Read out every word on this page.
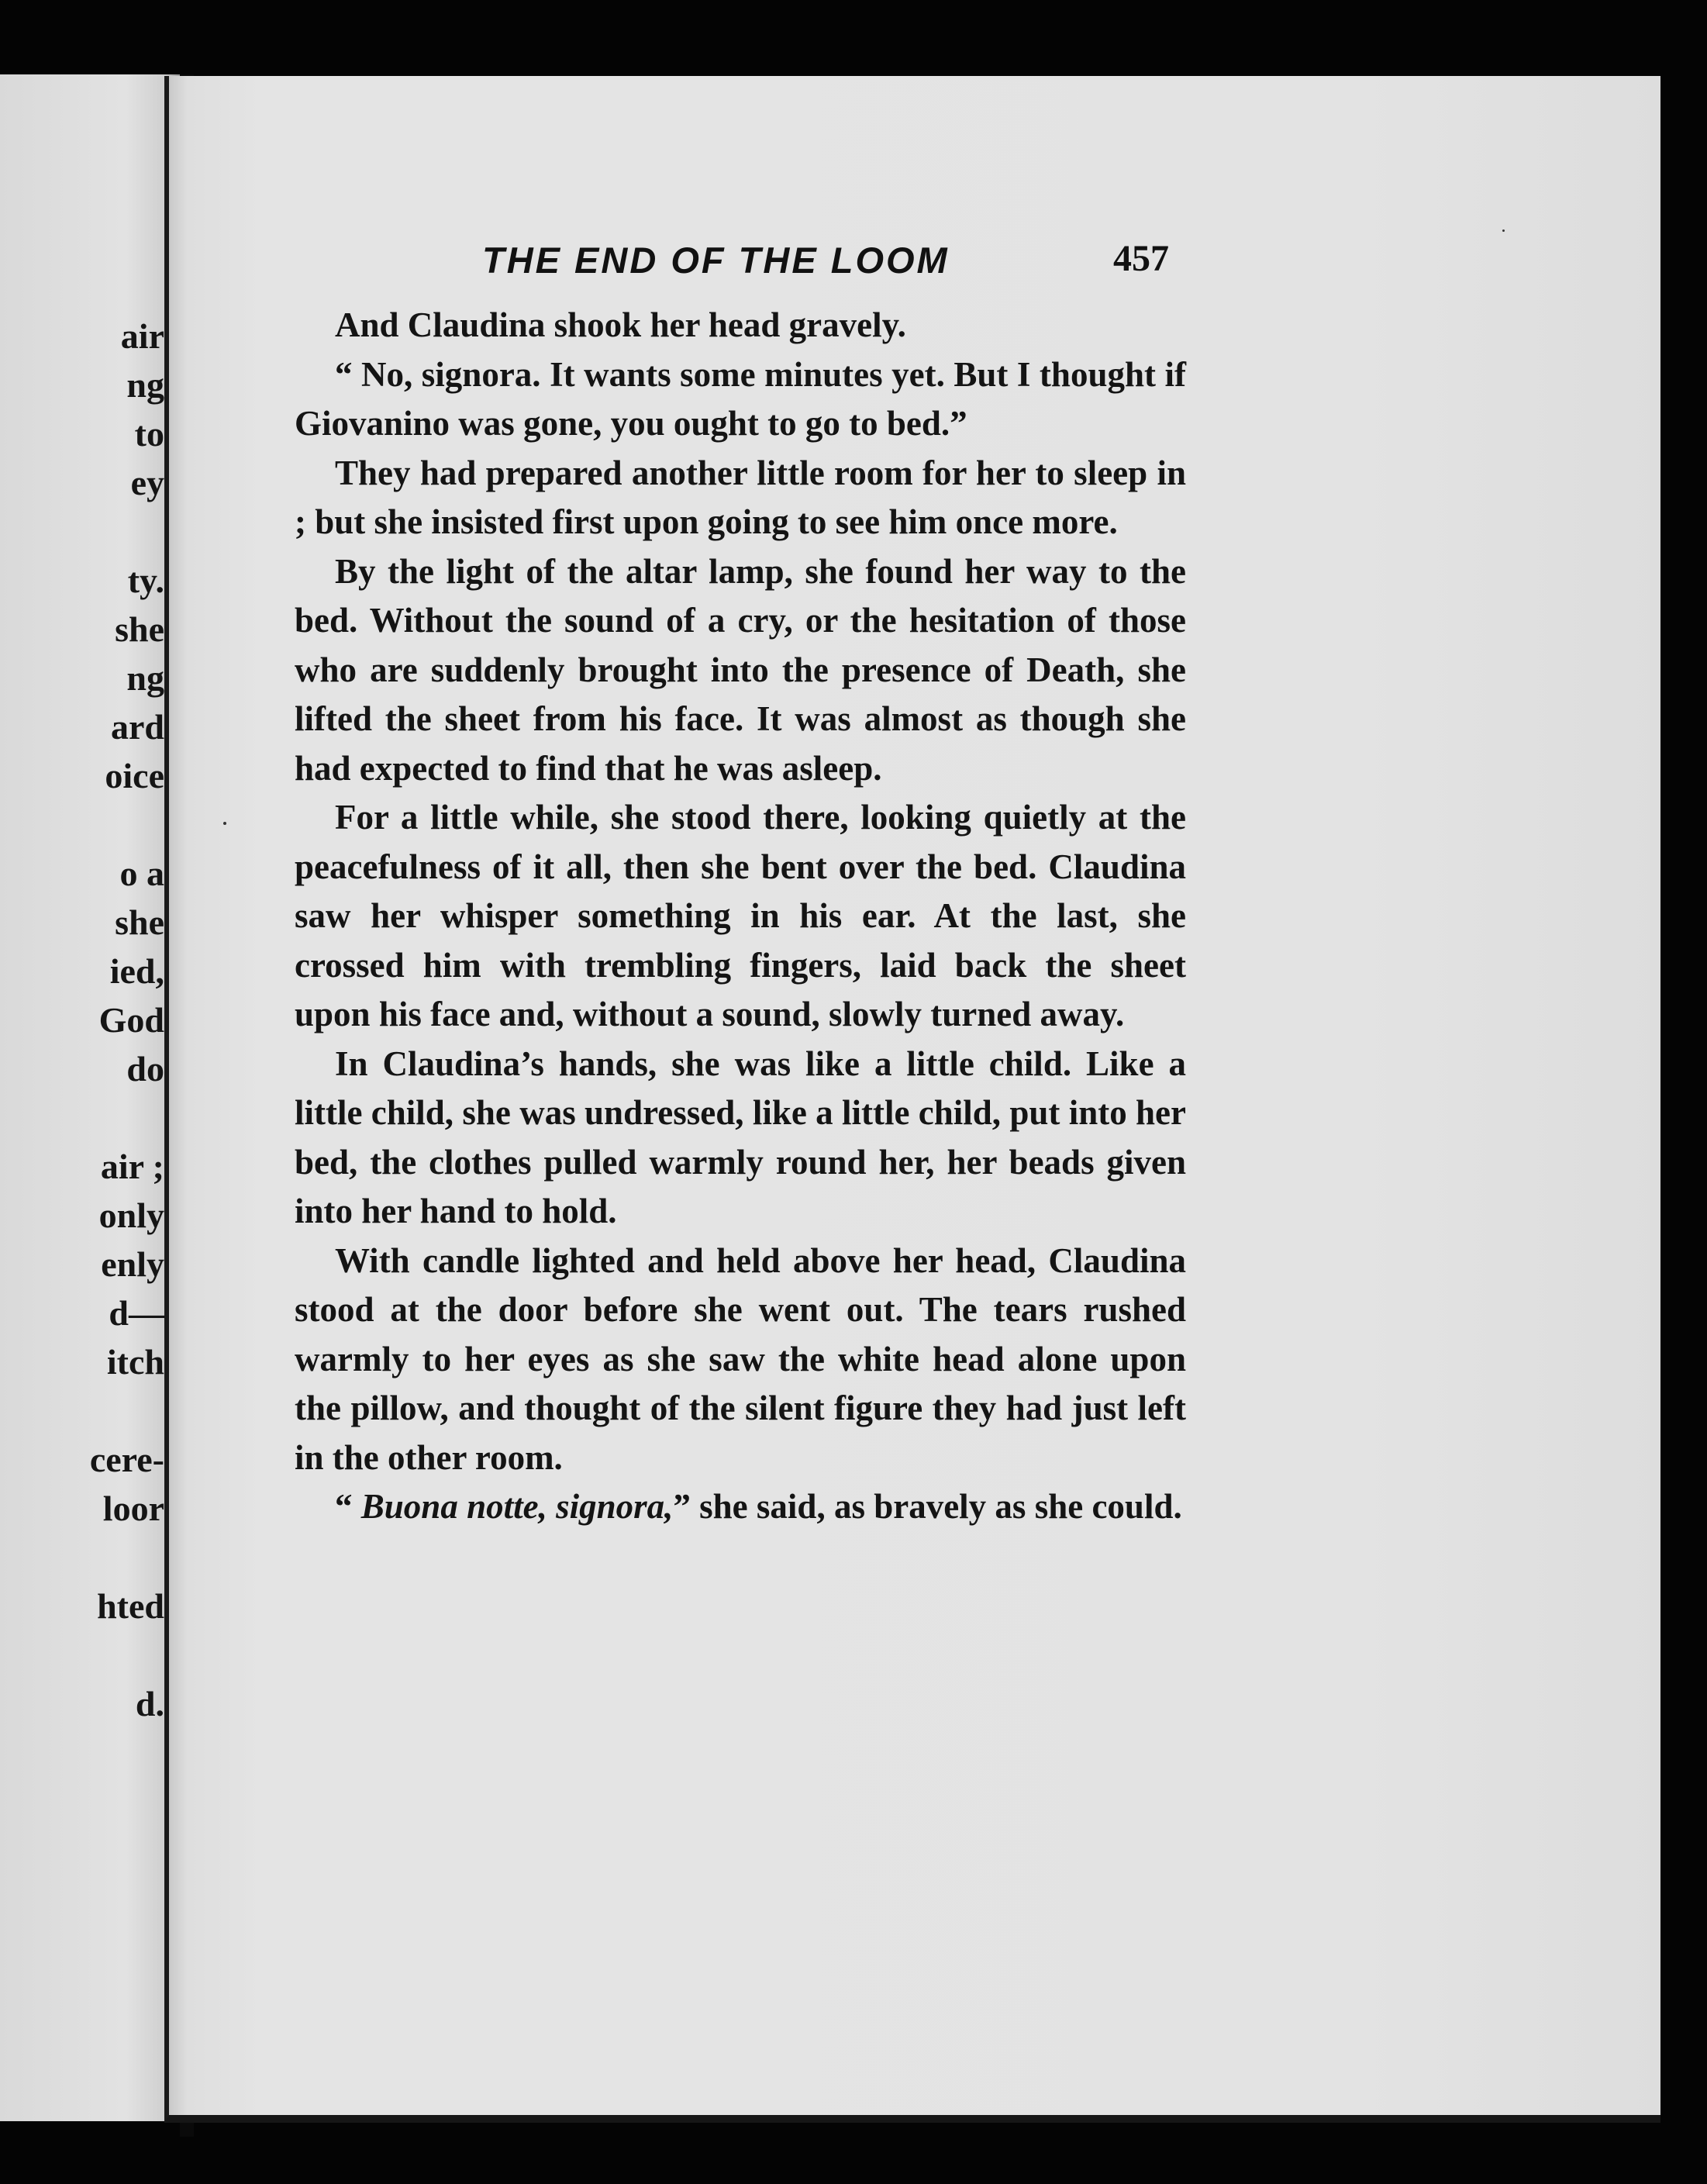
air
ng
to
ey
ty.
she
ng
ard
oice
o a
she
ied,
God
do
air ;
only
enly
d—
itch
cere-
loor
hted
d.
THE END OF THE LOOM	457

And Claudina shook her head gravely.

“ No, signora. It wants some minutes yet. But I thought if Giovanino was gone, you ought to go to bed.”

They had prepared another little room for her to sleep in ; but she insisted first upon going to see him once more.

By the light of the altar lamp, she found her way to the bed. Without the sound of a cry, or the hesitation of those who are suddenly brought into the presence of Death, she lifted the sheet from his face. It was almost as though she had expected to find that he was asleep.

For a little while, she stood there, looking quietly at the peacefulness of it all, then she bent over the bed. Claudina saw her whisper something in his ear. At the last, she crossed him with trembling fingers, laid back the sheet upon his face and, without a sound, slowly turned away.

In Claudina’s hands, she was like a little child. Like a little child, she was undressed, like a little child, put into her bed, the clothes pulled warmly round her, her beads given into her hand to hold.

With candle lighted and held above her head, Claudina stood at the door before she went out. The tears rushed warmly to her eyes as she saw the white head alone upon the pillow, and thought of the silent figure they had just left in the other room.

“ Buona notte, signora,” she said, as bravely as she could.
